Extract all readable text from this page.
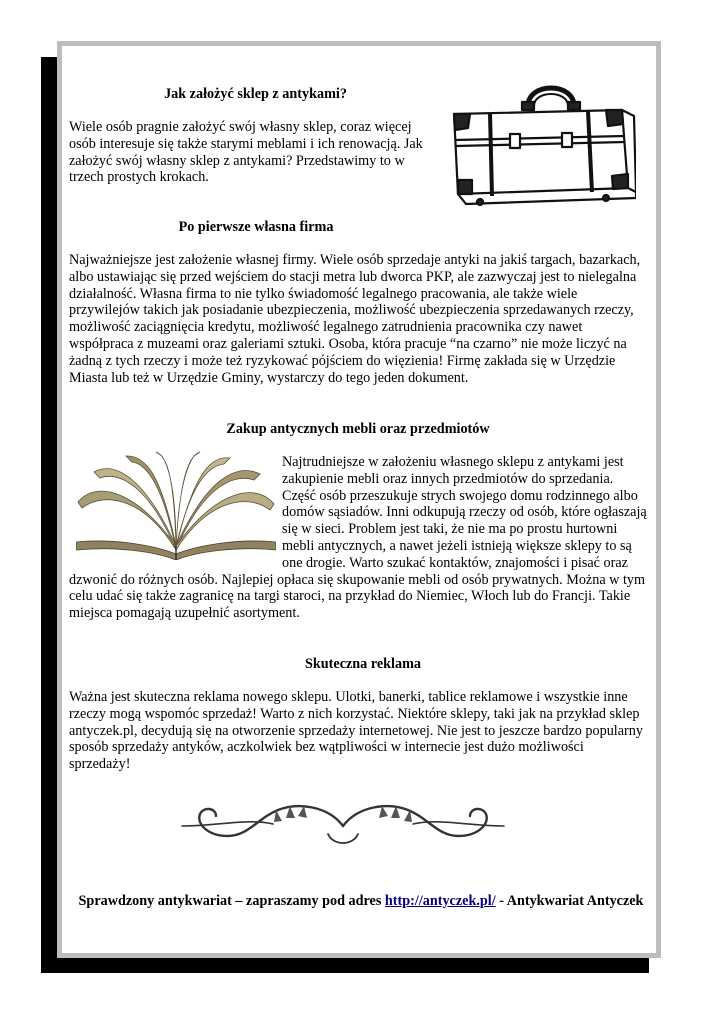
Jak założyć sklep z antykami?

Wiele osób pragnie założyć swój własny sklep, coraz więcej osób interesuje się także starymi meblami i ich renowacją. Jak założyć swój własny sklep z antykami? Przedstawimy to w trzech prostych krokach.

Po pierwsze własna firma

Najważniejsze jest założenie własnej firmy. Wiele osób sprzedaje antyki na jakiś targach, bazarkach, albo ustawiając się przed wejściem do stacji metra lub dworca PKP, ale zazwyczaj jest to nielegalna działalność. Własna firma to nie tylko świadomość legalnego pracowania, ale także wiele przywilejów takich jak posiadanie ubezpieczenia, możliwość ubezpieczenia sprzedawanych rzeczy, możliwość zaciągnięcia kredytu, możliwość legalnego zatrudnienia pracownika czy nawet współpraca z muzeami oraz galeriami sztuki. Osoba, która pracuje “na czarno” nie może liczyć na żadną z tych rzeczy i może też ryzykować pójściem do więzienia! Firmę zakłada się w Urzędzie Miasta lub też w Urzędzie Gminy, wystarczy do tego jeden dokument.

Zakup antycznych mebli oraz przedmiotów

Najtrudniejsze w założeniu własnego sklepu z antykami jest zakupienie mebli oraz innych przedmiotów do sprzedania. Część osób przeszukuje strych swojego domu rodzinnego albo domów sąsiadów. Inni odkupują rzeczy od osób, które ogłaszają się w sieci. Problem jest taki, że nie ma po prostu hurtowni mebli antycznych, a nawet jeżeli istnieją większe sklepy to są one drogie. Warto szukać kontaktów, znajomości i pisać oraz dzwonić do różnych osób. Najlepiej opłaca się skupowanie mebli od osób prywatnych. Można w tym celu udać się także zagranicę na targi staroci, na przykład do Niemiec, Włoch lub do Francji. Takie miejsca pomagają uzupełnić asortyment.

Skuteczna reklama

Ważna jest skuteczna reklama nowego sklepu. Ulotki, banerki, tablice reklamowe i wszystkie inne rzeczy mogą wspomóc sprzedaż! Warto z nich korzystać. Niektóre sklepy, taki jak na przykład sklep antyczek.pl, decydują się na otworzenie sprzedaży internetowej. Nie jest to jeszcze bardzo popularny sposób sprzedaży antyków, aczkolwiek bez wątpliwości w internecie jest dużo możliwości sprzedaży!

Sprawdzony antykwariat – zapraszamy pod adres http://antyczek.pl/ - Antykwariat Antyczek
